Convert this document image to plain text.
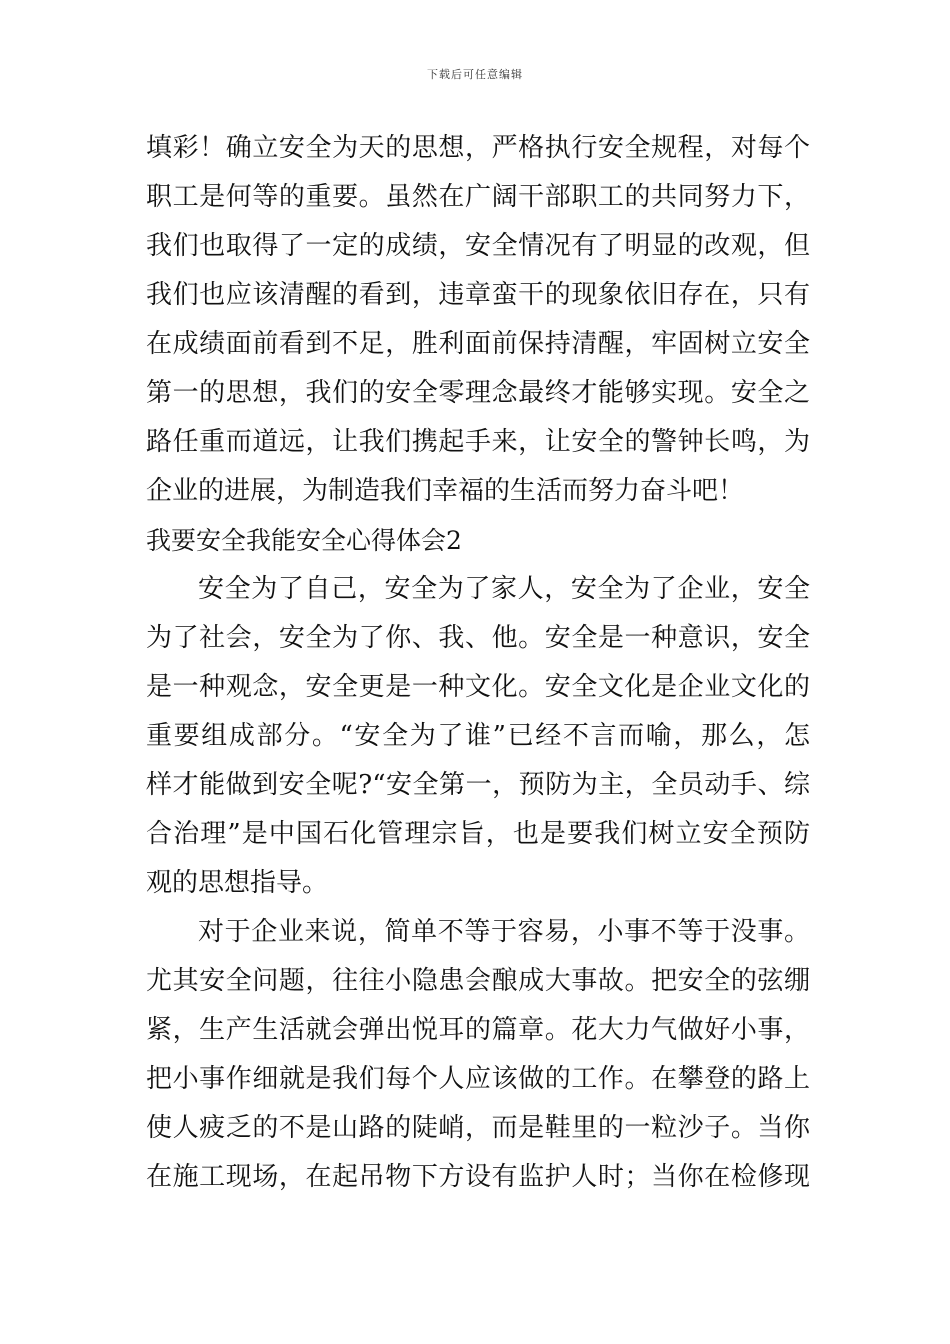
下载后可任意编辑
填彩！确立安全为天的思想，严格执行安全规程，对每个
职工是何等的重要。虽然在广阔干部职工的共同努力下，
我们也取得了一定的成绩，安全情况有了明显的改观，但
我们也应该清醒的看到，违章蛮干的现象依旧存在，只有
在成绩面前看到不足，胜利面前保持清醒，牢固树立安全
第一的思想，我们的安全零理念最终才能够实现。安全之
路任重而道远，让我们携起手来，让安全的警钟长鸣，为
企业的进展，为制造我们幸福的生活而努力奋斗吧！
我要安全我能安全心得体会2
安全为了自己，安全为了家人，安全为了企业，安全
为了社会，安全为了你、我、他。安全是一种意识，安全
是一种观念，安全更是一种文化。安全文化是企业文化的
重要组成部分。“安全为了谁”已经不言而喻，那么，怎
样才能做到安全呢?“安全第一，预防为主，全员动手、综
合治理”是中国石化管理宗旨，也是要我们树立安全预防
观的思想指导。
对于企业来说，简单不等于容易，小事不等于没事。
尤其安全问题，往往小隐患会酿成大事故。把安全的弦绷
紧，生产生活就会弹出悦耳的篇章。花大力气做好小事，
把小事作细就是我们每个人应该做的工作。在攀登的路上
使人疲乏的不是山路的陡峭，而是鞋里的一粒沙子。当你
在施工现场，在起吊物下方设有监护人时；当你在检修现
